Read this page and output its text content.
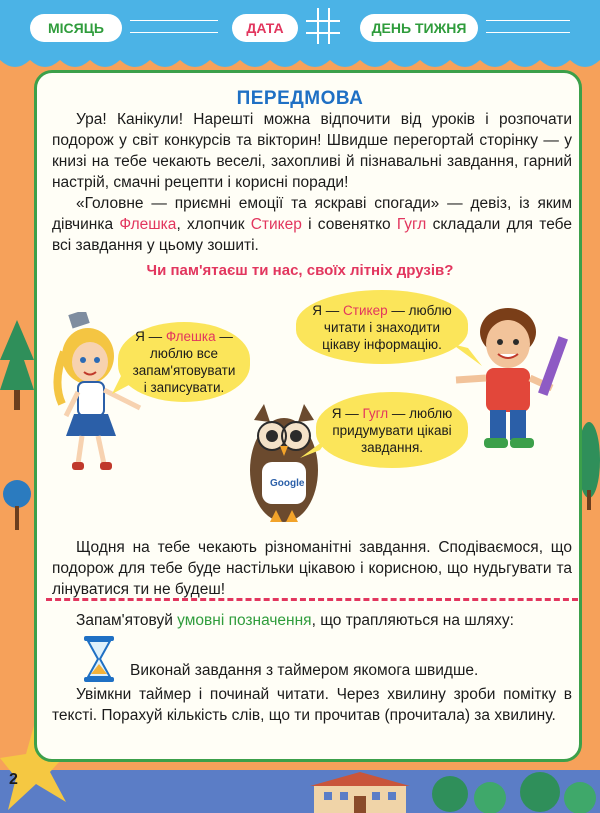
МІСЯЦЬ	ДАТА	ДЕНЬ ТИЖНЯ
2
ПЕРЕДМОВА

Ура! Канікули! Нарешті можна відпочити від уроків і розпочати подорож у світ конкурсів та вікторин! Швидше перегортай сторінку — у книзі на тебе чекають веселі, захопливі й пізнавальні завдання, гарний настрій, смачні рецепти і корисні поради!

«Головне — приємні емоції та яскраві спогади» — девіз, із яким дівчинка Флешка, хлопчик Стикер і совенятко Гугл складали для тебе всі завдання у цьому зошиті.

Чи пам'ятаєш ти нас, своїх літніх друзів?
Google
Я — Флешка — люблю все запам'ятовувати і записувати.
Я — Стикер — люблю читати і знаходити цікаву інформацію.
Я — Гугл — люблю придумувати цікаві завдання.

Щодня на тебе чекають різноманітні завдання. Сподіваємося, що подорож для тебе буде настільки цікавою і корисною, що нудьгувати та лінуватися ти не будеш!

Запам'ятовуй умовні позначення, що трапляються на шляху:

Виконай завдання з таймером якомога швидше.

Увімкни таймер і починай читати. Через хвилину зроби помітку в тексті. Порахуй кількість слів, що ти прочитав (прочитала) за хвилину.
